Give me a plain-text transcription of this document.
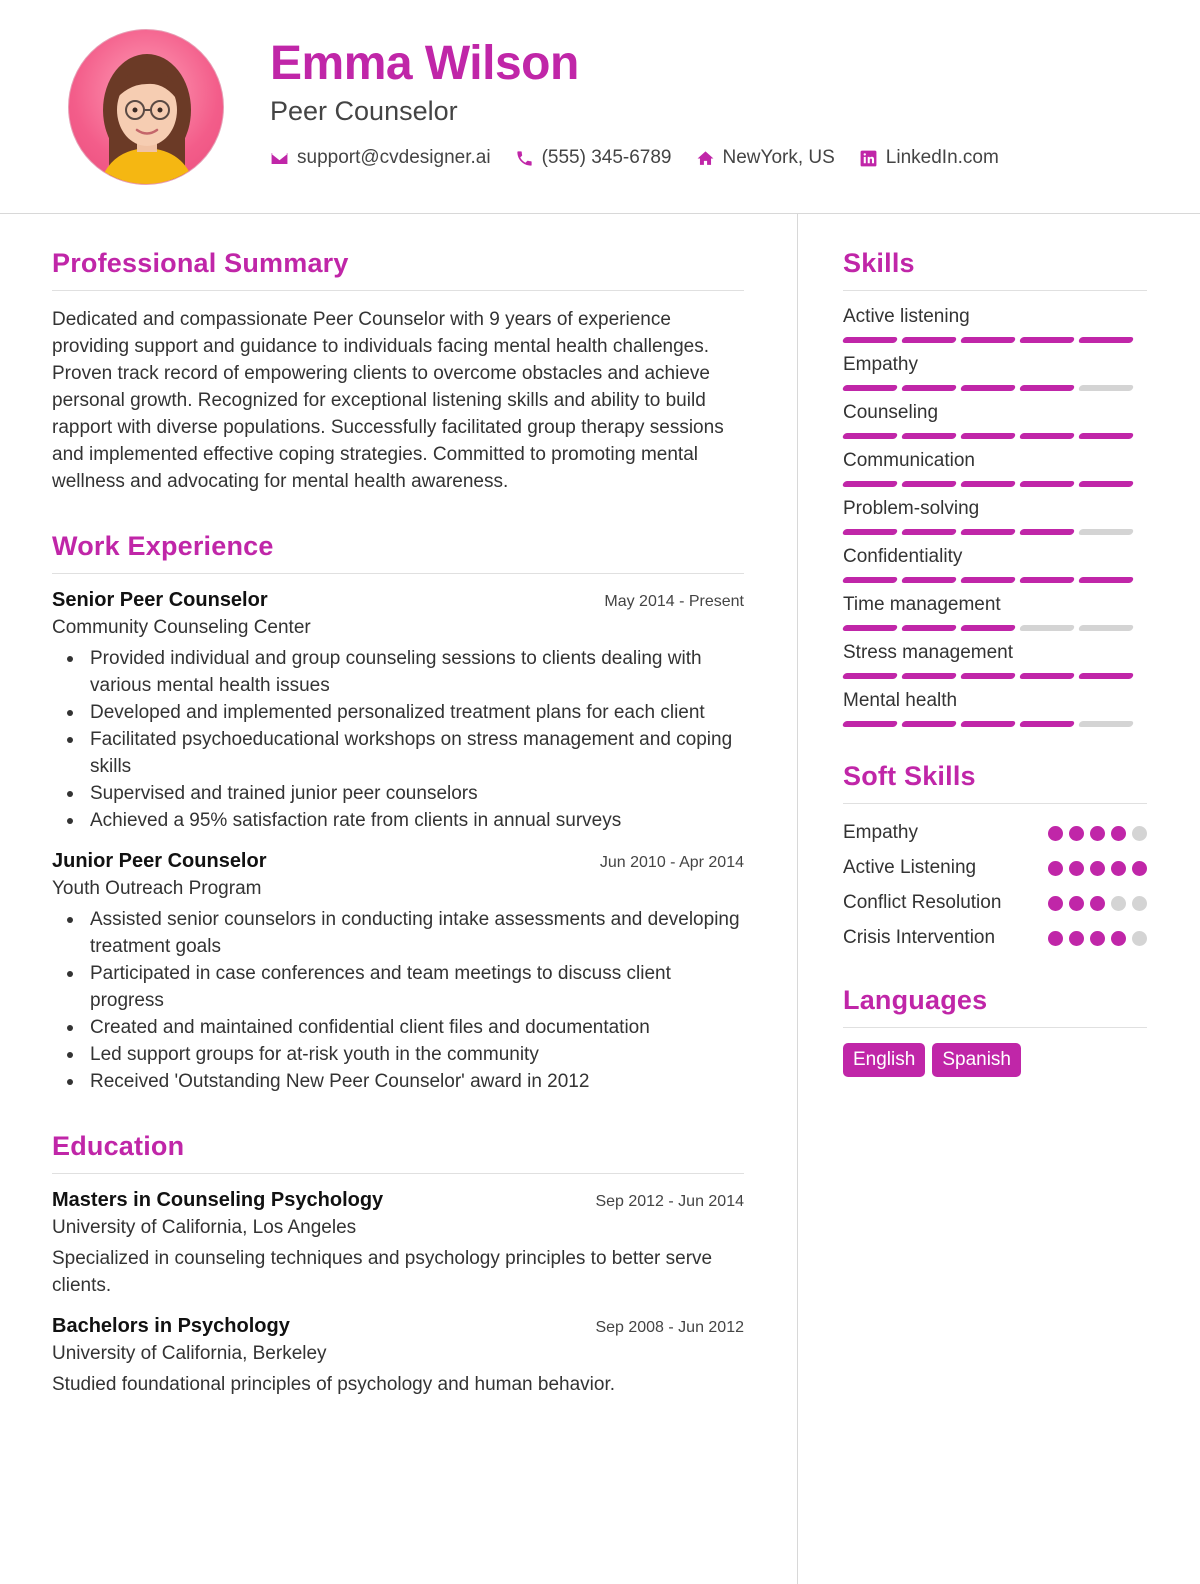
Emma Wilson
Peer Counselor
support@cvdesigner.ai	(555) 345-6789	NewYork, US	LinkedIn.com
Professional Summary
Dedicated and compassionate Peer Counselor with 9 years of experience providing support and guidance to individuals facing mental health challenges. Proven track record of empowering clients to overcome obstacles and achieve personal growth. Recognized for exceptional listening skills and ability to build rapport with diverse populations. Successfully facilitated group therapy sessions and implemented effective coping strategies. Committed to promoting mental wellness and advocating for mental health awareness.
Work Experience
Senior Peer Counselor	May 2014 - Present
Community Counseling Center
Provided individual and group counseling sessions to clients dealing with various mental health issues
Developed and implemented personalized treatment plans for each client
Facilitated psychoeducational workshops on stress management and coping skills
Supervised and trained junior peer counselors
Achieved a 95% satisfaction rate from clients in annual surveys
Junior Peer Counselor	Jun 2010 - Apr 2014
Youth Outreach Program
Assisted senior counselors in conducting intake assessments and developing treatment goals
Participated in case conferences and team meetings to discuss client progress
Created and maintained confidential client files and documentation
Led support groups for at-risk youth in the community
Received 'Outstanding New Peer Counselor' award in 2012
Education
Masters in Counseling Psychology	Sep 2012 - Jun 2014
University of California, Los Angeles
Specialized in counseling techniques and psychology principles to better serve clients.
Bachelors in Psychology	Sep 2008 - Jun 2012
University of California, Berkeley
Studied foundational principles of psychology and human behavior.
Skills
Active listening
Empathy
Counseling
Communication
Problem-solving
Confidentiality
Time management
Stress management
Mental health
Soft Skills
Empathy
Active Listening
Conflict Resolution
Crisis Intervention
Languages
English	Spanish
